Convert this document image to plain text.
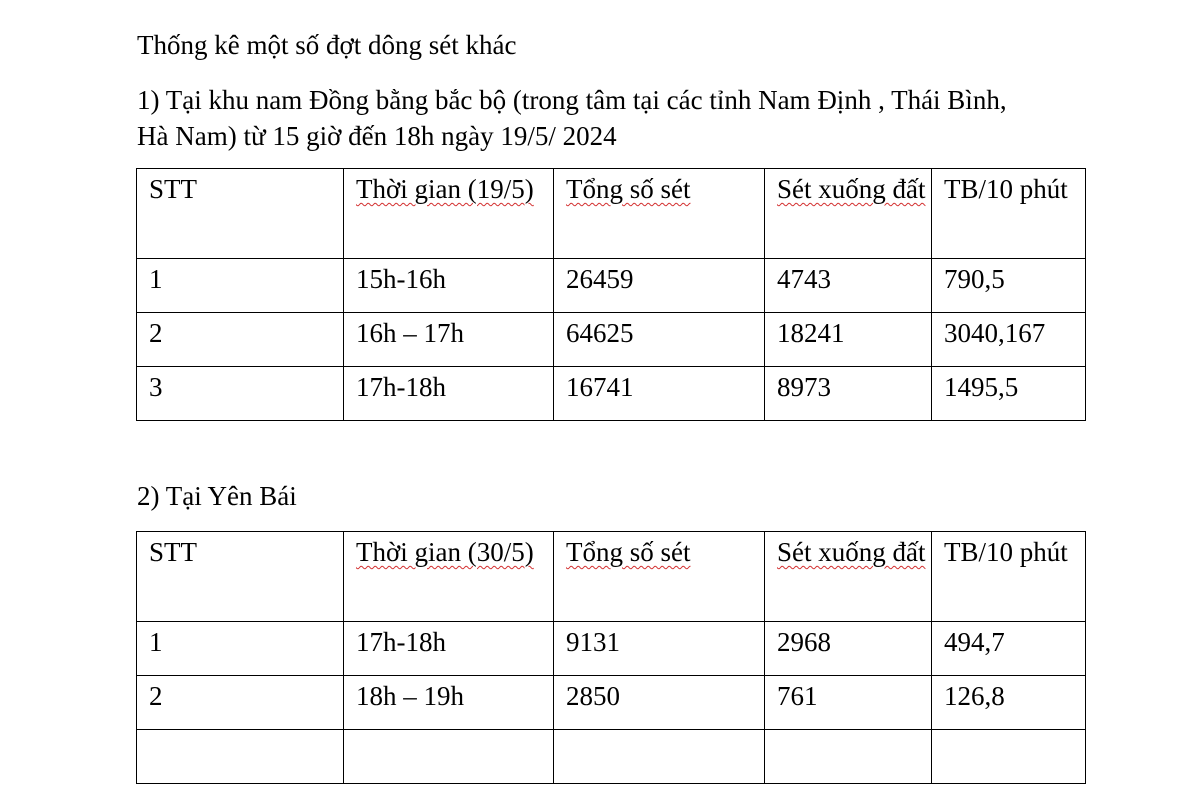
Thống kê một số đợt dông sét khác
1) Tại khu nam Đồng bằng bắc bộ (trong tâm tại các tỉnh Nam Định , Thái Bình,
Hà Nam) từ 15 giờ đến 18h ngày 19/5/ 2024
STT	Thời gian (19/5)	Tổng số sét	Sét xuống đất	TB/10 phút
1	15h-16h	26459	4743	790,5
2	16h – 17h	64625	18241	3040,167
3	17h-18h	16741	8973	1495,5
2) Tại Yên Bái
STT	Thời gian (30/5)	Tổng số sét	Sét xuống đất	TB/10 phút
1	17h-18h	9131	2968	494,7
2	18h – 19h	2850	761	126,8
